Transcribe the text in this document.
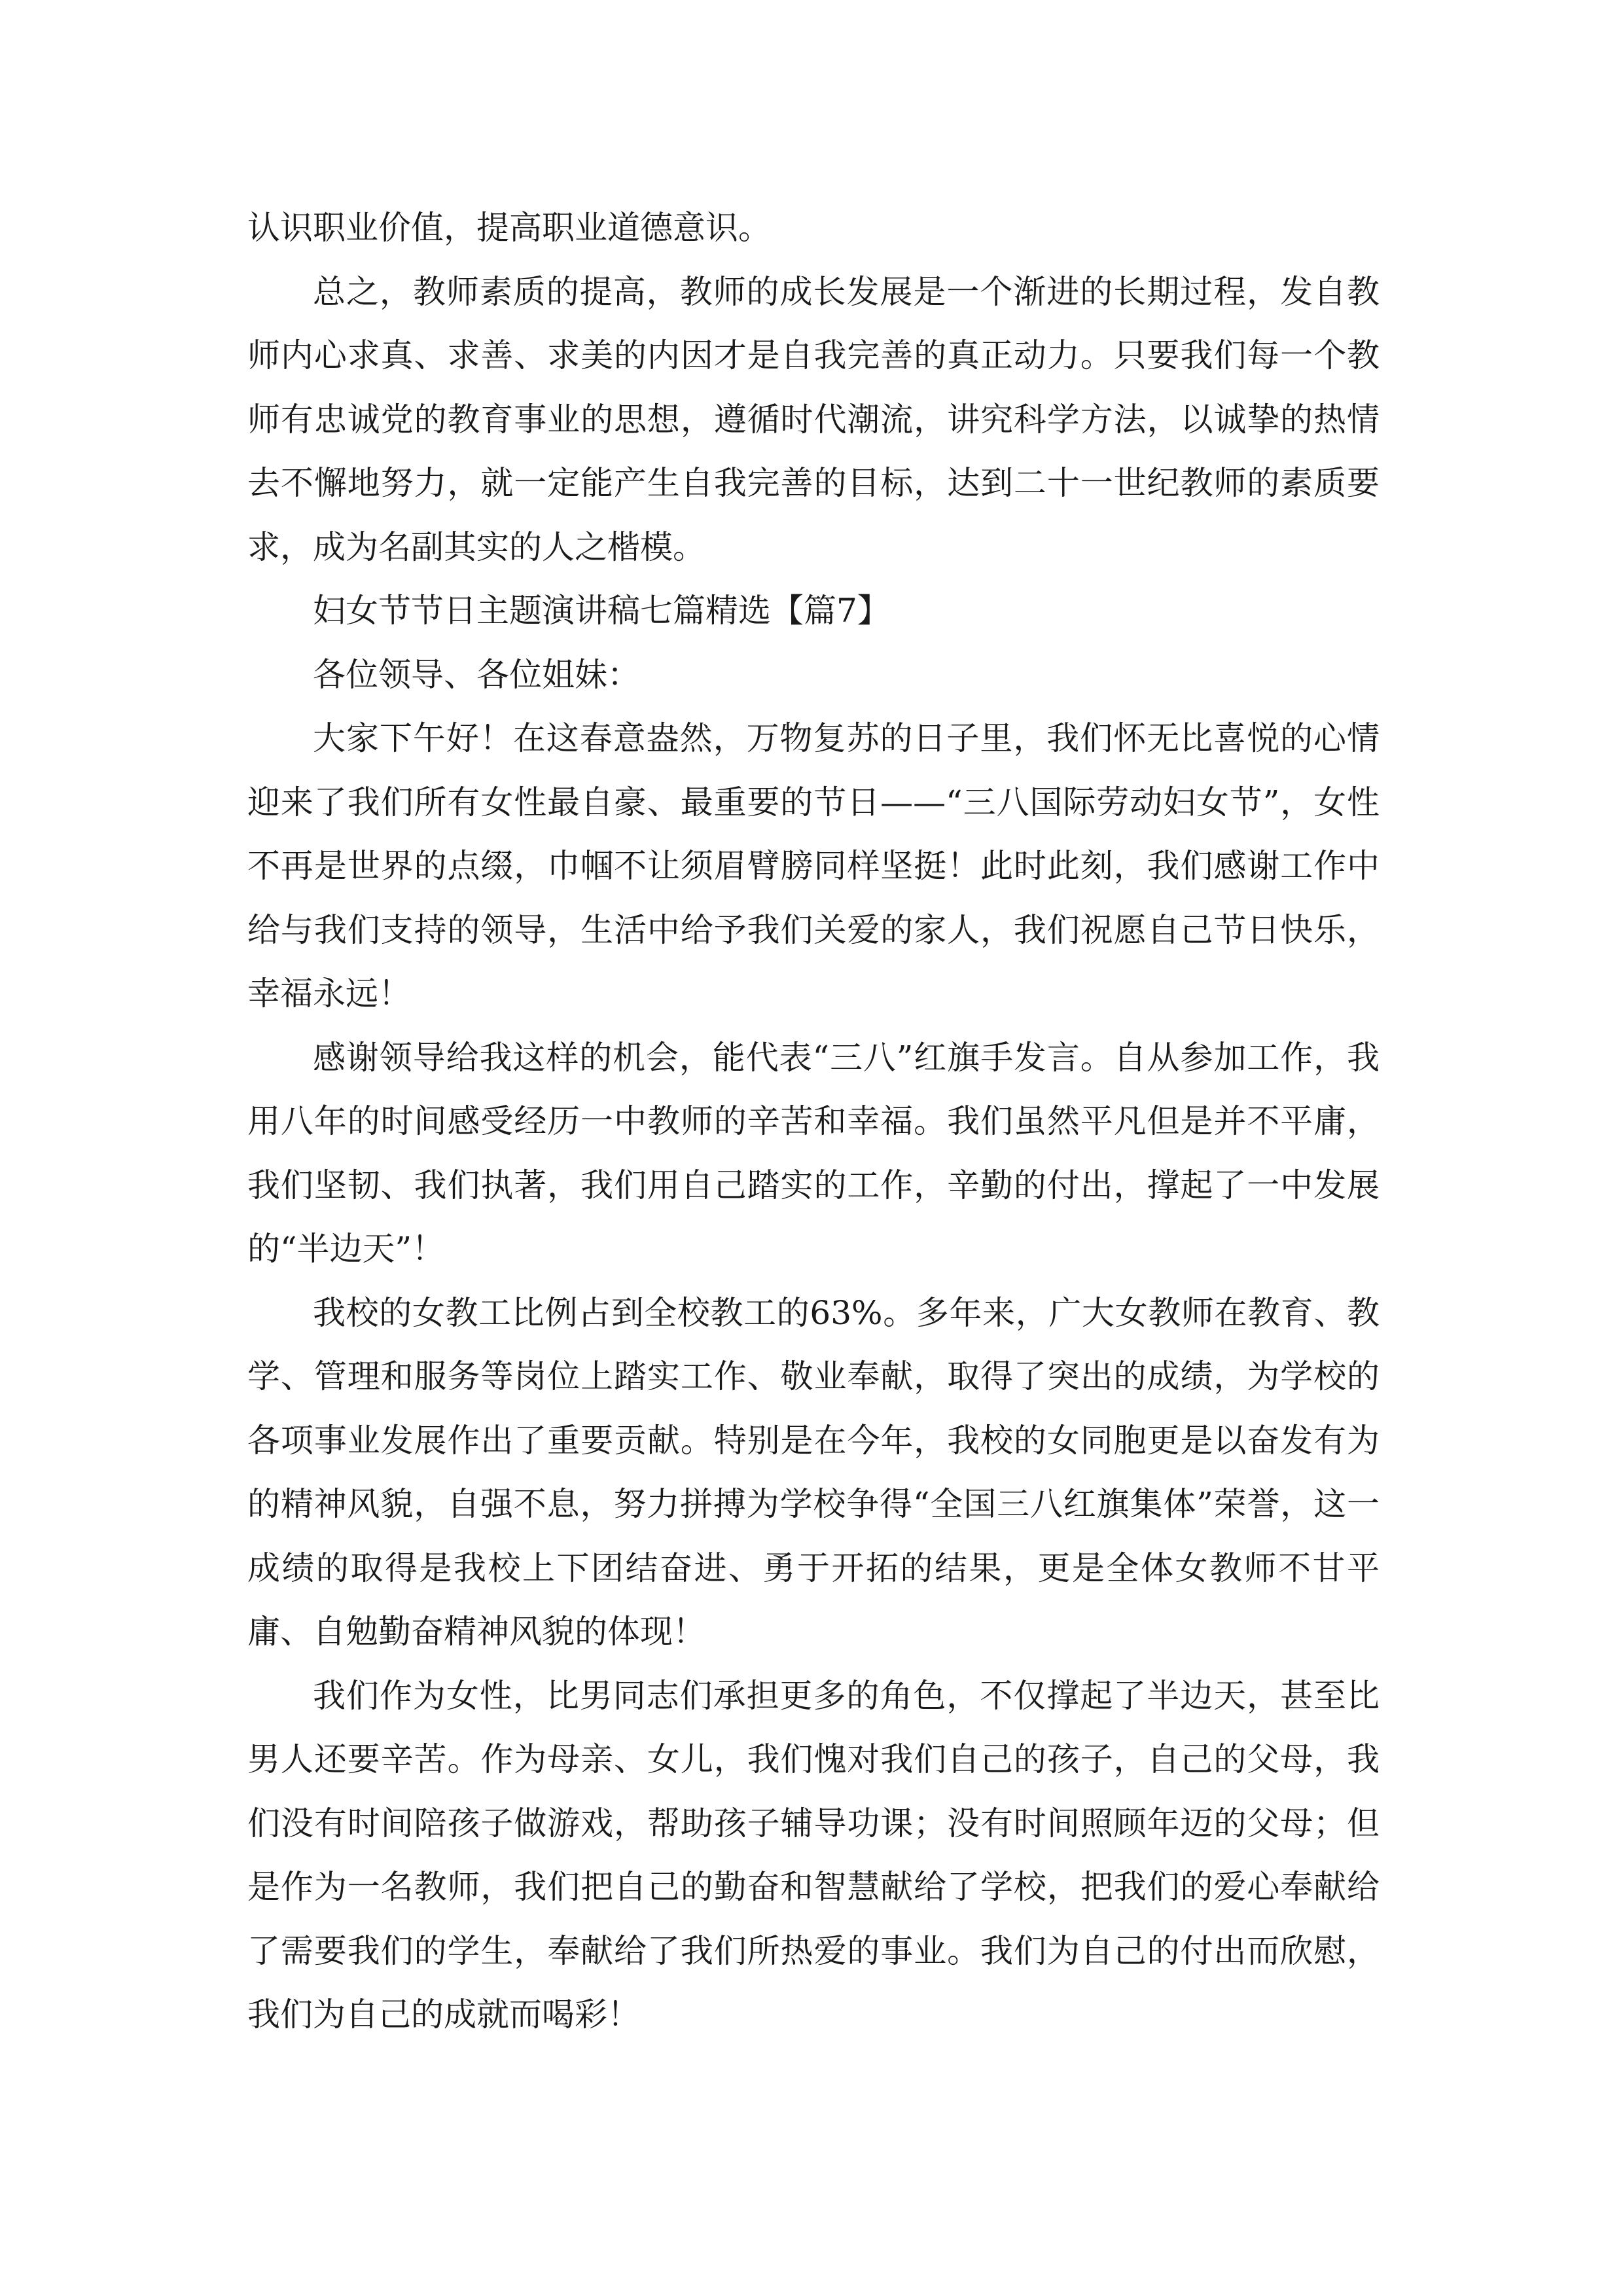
认识职业价值，提高职业道德意识。

总之，教师素质的提高，教师的成长发展是一个渐进的长期过程，发自教师内心求真、求善、求美的内因才是自我完善的真正动力。只要我们每一个教师有忠诚党的教育事业的思想，遵循时代潮流，讲究科学方法，以诚挚的热情去不懈地努力，就一定能产生自我完善的目标，达到二十一世纪教师的素质要求，成为名副其实的人之楷模。

妇女节节日主题演讲稿七篇精选【篇7】

各位领导、各位姐妹：

大家下午好！在这春意盎然，万物复苏的日子里，我们怀无比喜悦的心情迎来了我们所有女性最自豪、最重要的节日——“三八国际劳动妇女节”，女性不再是世界的点缀，巾帼不让须眉臂膀同样坚挺！此时此刻，我们感谢工作中给与我们支持的领导，生活中给予我们关爱的家人，我们祝愿自己节日快乐，幸福永远！

感谢领导给我这样的机会，能代表“三八”红旗手发言。自从参加工作，我用八年的时间感受经历一中教师的辛苦和幸福。我们虽然平凡但是并不平庸，我们坚韧、我们执著，我们用自己踏实的工作，辛勤的付出，撑起了一中发展的“半边天”！

我校的女教工比例占到全校教工的63%。多年来，广大女教师在教育、教学、管理和服务等岗位上踏实工作、敬业奉献，取得了突出的成绩，为学校的各项事业发展作出了重要贡献。特别是在今年，我校的女同胞更是以奋发有为的精神风貌，自强不息，努力拼搏为学校争得“全国三八红旗集体”荣誉，这一成绩的取得是我校上下团结奋进、勇于开拓的结果，更是全体女教师不甘平庸、自勉勤奋精神风貌的体现！

我们作为女性，比男同志们承担更多的角色，不仅撑起了半边天，甚至比男人还要辛苦。作为母亲、女儿，我们愧对我们自己的孩子，自己的父母，我们没有时间陪孩子做游戏，帮助孩子辅导功课；没有时间照顾年迈的父母；但是作为一名教师，我们把自己的勤奋和智慧献给了学校，把我们的爱心奉献给了需要我们的学生，奉献给了我们所热爱的事业。我们为自己的付出而欣慰，我们为自己的成就而喝彩！
